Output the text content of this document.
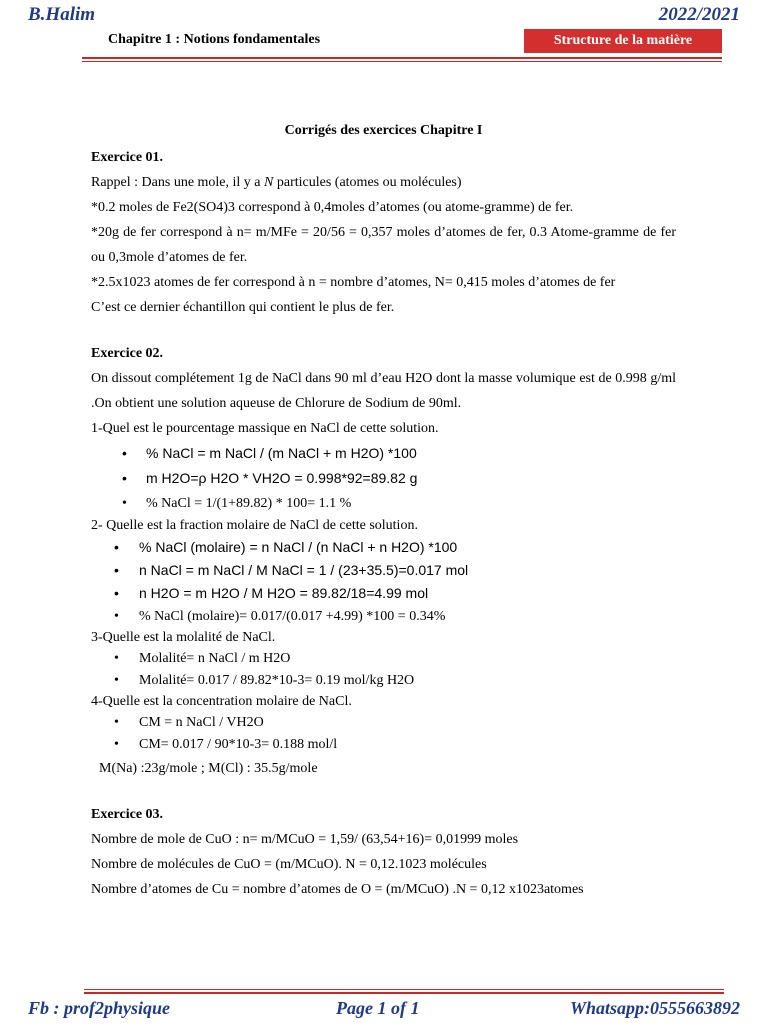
B.Halim	2022/2021
Chapitre 1 : Notions fondamentales	Structure de la matière

Corrigés des exercices Chapitre I

Exercice 01.

Rappel : Dans une mole, il y a N particules (atomes ou molécules)

*0.2 moles de Fe2(SO4)3 correspond à 0,4moles d’atomes (ou atome-gramme) de fer.

*20g de fer correspond à n= m/MFe = 20/56 = 0,357 moles d’atomes de fer, 0.3 Atome-gramme de fer ou 0,3mole d’atomes de fer.

*2.5x1023 atomes de fer correspond à n = nombre d’atomes, N= 0,415 moles d’atomes de fer

C’est ce dernier échantillon qui contient le plus de fer.

Exercice 02.

On dissout complétement 1g de NaCl dans 90 ml d’eau H2O dont la masse volumique est de 0.998 g/ml .On obtient une solution aqueuse de Chlorure de Sodium de 90ml.

1-Quel est le pourcentage massique en NaCl de cette solution.

• % NaCl = m NaCl / (m NaCl + m H2O) *100
• m H2O=ρ H2O * VH2O = 0.998*92=89.82 g
• % NaCl = 1/(1+89.82) * 100= 1.1 %

2- Quelle est la fraction molaire de NaCl de cette solution.

• % NaCl (molaire) = n NaCl / (n NaCl + n H2O) *100
• n NaCl = m NaCl / M NaCl = 1 / (23+35.5)=0.017 mol
• n H2O = m H2O / M H2O = 89.82/18=4.99 mol
• % NaCl (molaire)= 0.017/(0.017 +4.99) *100 = 0.34%

3-Quelle est la molalité de NaCl.

• Molalité= n NaCl / m H2O
• Molalité= 0.017 / 89.82*10-3= 0.19 mol/kg H2O

4-Quelle est la concentration molaire de NaCl.

• CM = n NaCl / VH2O
• CM= 0.017 / 90*10-3= 0.188 mol/l

M(Na) :23g/mole ; M(Cl) : 35.5g/mole

Exercice 03.

Nombre de mole de CuO : n= m/MCuO = 1,59/ (63,54+16)= 0,01999 moles

Nombre de molécules de CuO = (m/MCuO). N = 0,12.1023 molécules

Nombre d’atomes de Cu = nombre d’atomes de O = (m/MCuO) .N = 0,12 x1023atomes

Fb : prof2physique	Page 1 of 1	Whatsapp:0555663892
